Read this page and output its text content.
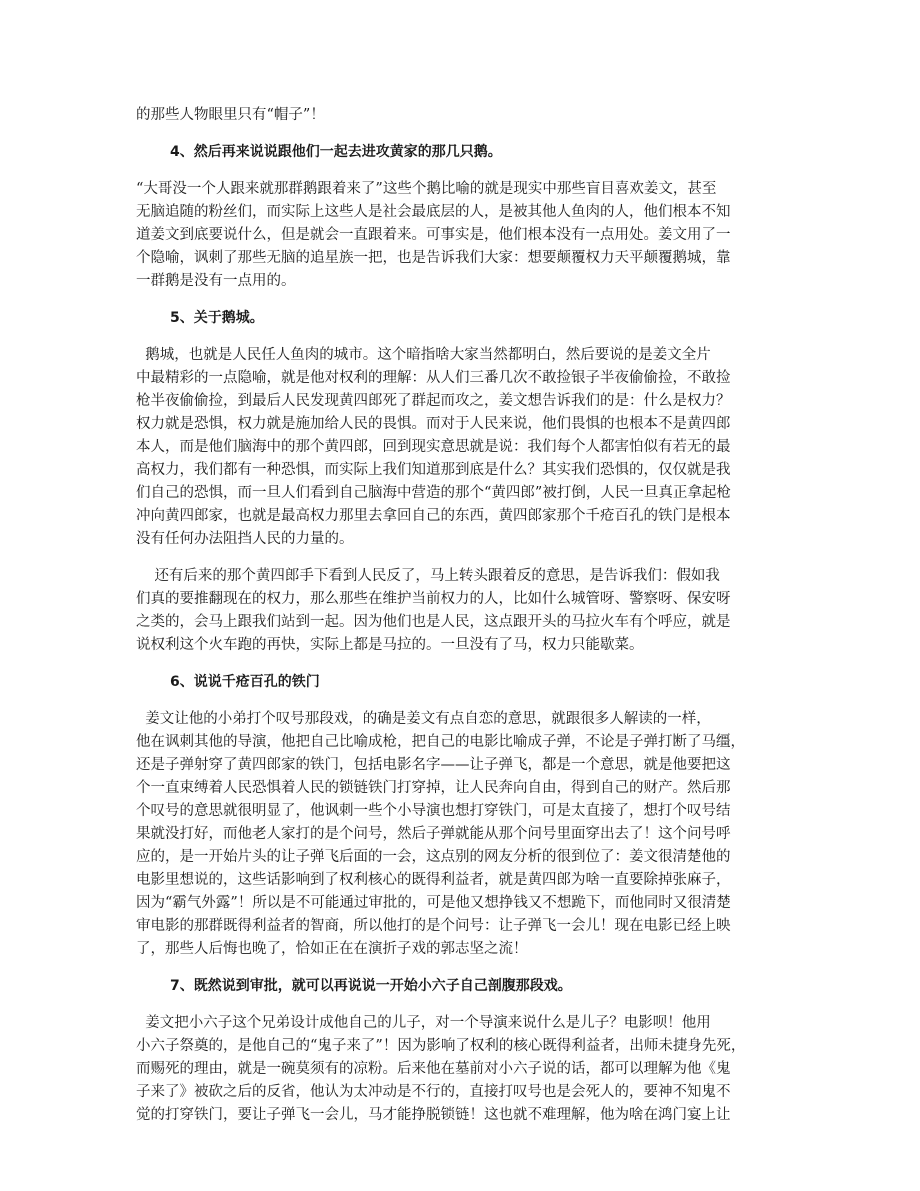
的那些人物眼里只有“帽子”！

4、然后再来说说跟他们一起去进攻黄家的那几只鹅。

“大哥没一个人跟来就那群鹅跟着来了”这些个鹅比喻的就是现实中那些盲目喜欢姜文，甚至
无脑追随的粉丝们，而实际上这些人是社会最底层的人，是被其他人鱼肉的人，他们根本不知
道姜文到底要说什么，但是就会一直跟着来。可事实是，他们根本没有一点用处。姜文用了一
个隐喻，讽刺了那些无脑的追星族一把，也是告诉我们大家：想要颠覆权力天平颠覆鹅城，靠
一群鹅是没有一点用的。

5、关于鹅城。

鹅城，也就是人民任人鱼肉的城市。这个暗指啥大家当然都明白，然后要说的是姜文全片
中最精彩的一点隐喻，就是他对权利的理解：从人们三番几次不敢捡银子半夜偷偷捡，不敢捡
枪半夜偷偷捡，到最后人民发现黄四郎死了群起而攻之，姜文想告诉我们的是：什么是权力？
权力就是恐惧，权力就是施加给人民的畏惧。而对于人民来说，他们畏惧的也根本不是黄四郎
本人，而是他们脑海中的那个黄四郎，回到现实意思就是说：我们每个人都害怕似有若无的最
高权力，我们都有一种恐惧，而实际上我们知道那到底是什么？其实我们恐惧的，仅仅就是我
们自己的恐惧，而一旦人们看到自己脑海中营造的那个“黄四郎”被打倒，人民一旦真正拿起枪
冲向黄四郎家，也就是最高权力那里去拿回自己的东西，黄四郎家那个千疮百孔的铁门是根本
没有任何办法阻挡人民的力量的。

还有后来的那个黄四郎手下看到人民反了，马上转头跟着反的意思，是告诉我们：假如我
们真的要推翻现在的权力，那么那些在维护当前权力的人，比如什么城管呀、警察呀、保安呀
之类的，会马上跟我们站到一起。因为他们也是人民，这点跟开头的马拉火车有个呼应，就是
说权利这个火车跑的再快，实际上都是马拉的。一旦没有了马，权力只能歇菜。

6、说说千疮百孔的铁门

姜文让他的小弟打个叹号那段戏，的确是姜文有点自恋的意思，就跟很多人解读的一样，
他在讽刺其他的导演，他把自己比喻成枪，把自己的电影比喻成子弹，不论是子弹打断了马缰，
还是子弹射穿了黄四郎家的铁门，包括电影名字——让子弹飞，都是一个意思，就是他要把这
个一直束缚着人民恐惧着人民的锁链铁门打穿掉，让人民奔向自由，得到自己的财产。然后那
个叹号的意思就很明显了，他讽刺一些个小导演也想打穿铁门，可是太直接了，想打个叹号结
果就没打好，而他老人家打的是个问号，然后子弹就能从那个问号里面穿出去了！这个问号呼
应的，是一开始片头的让子弹飞后面的一会，这点别的网友分析的很到位了：姜文很清楚他的
电影里想说的，这些话影响到了权利核心的既得利益者，就是黄四郎为啥一直要除掉张麻子，
因为“霸气外露”！所以是不可能通过审批的，可是他又想挣钱又不想跪下，而他同时又很清楚
审电影的那群既得利益者的智商，所以他打的是个问号：让子弹飞一会儿！现在电影已经上映
了，那些人后悔也晚了，恰如正在在演折子戏的郭志坚之流！

7、既然说到审批，就可以再说说一开始小六子自己剖腹那段戏。

姜文把小六子这个兄弟设计成他自己的儿子，对一个导演来说什么是儿子？电影呗！他用
小六子祭奠的，是他自己的“鬼子来了”！因为影响了权利的核心既得利益者，出师未捷身先死，
而赐死的理由，就是一碗莫须有的凉粉。后来他在墓前对小六子说的话，都可以理解为他《鬼
子来了》被砍之后的反省，他认为太冲动是不行的，直接打叹号也是会死人的，要神不知鬼不
觉的打穿铁门，要让子弹飞一会儿，马才能挣脱锁链！这也就不难理解，他为啥在鸿门宴上让
